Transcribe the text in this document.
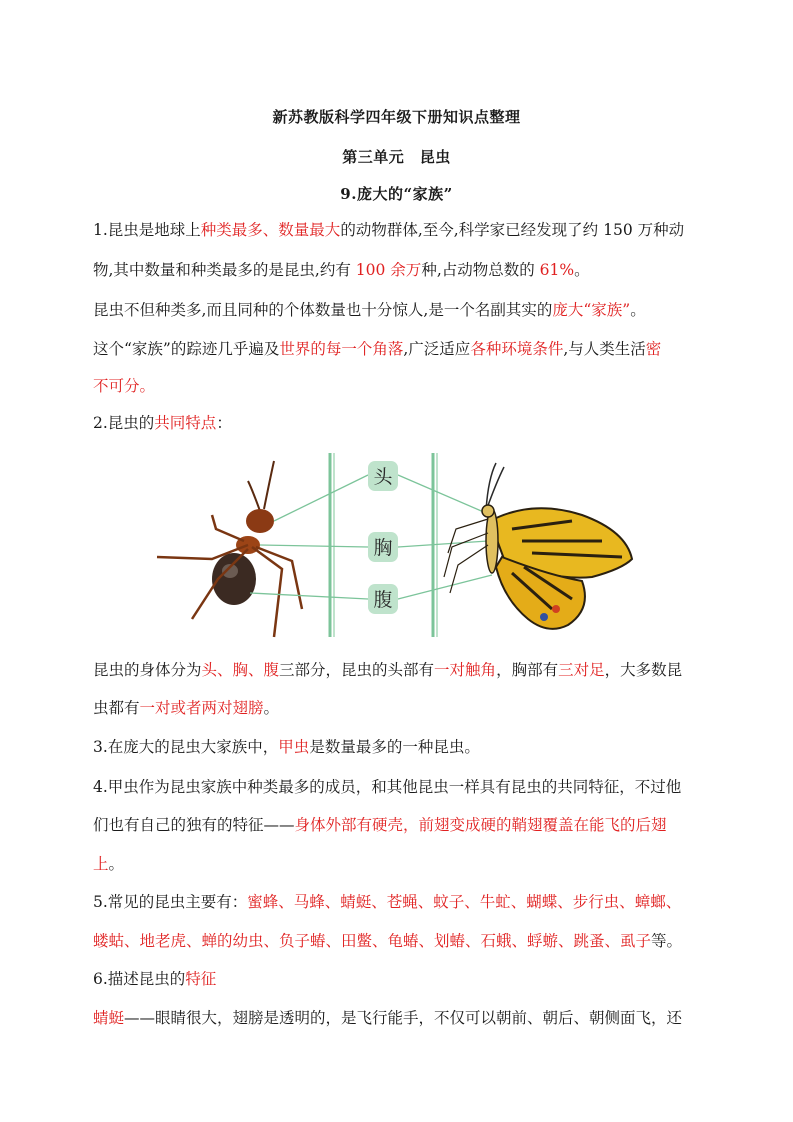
新苏教版科学四年级下册知识点整理
第三单元　昆虫
9.庞大的“家族”
1.昆虫是地球上种类最多、数量最大的动物群体,至今,科学家已经发现了约 150 万种动
物,其中数量和种类最多的是昆虫,约有 100 余万种,占动物总数的 61%。
昆虫不但种类多,而且同种的个体数量也十分惊人,是一个名副其实的庞大“家族”。
这个“家族”的踪迹几乎遍及世界的每一个角落,广泛适应各种环境条件,与人类生活密
不可分。
2.昆虫的共同特点：
头
胸
腹
昆虫的身体分为头、胸、腹三部分，昆虫的头部有一对触角，胸部有三对足，大多数昆
虫都有一对或者两对翅膀。
3.在庞大的昆虫大家族中，甲虫是数量最多的一种昆虫。
4.甲虫作为昆虫家族中种类最多的成员，和其他昆虫一样具有昆虫的共同特征，不过他
们也有自己的独有的特征——身体外部有硬壳，前翅变成硬的鞘翅覆盖在能飞的后翅
上。
5.常见的昆虫主要有：蜜蜂、马蜂、蜻蜓、苍蝇、蚊子、牛虻、蝴蝶、步行虫、蟑螂、
蝼蛄、地老虎、蝉的幼虫、负子蝽、田鳖、龟蝽、划蝽、石蛾、蜉蝣、跳蚤、虱子等。
6.描述昆虫的特征
蜻蜓——眼睛很大，翅膀是透明的，是飞行能手，不仅可以朝前、朝后、朝侧面飞，还
